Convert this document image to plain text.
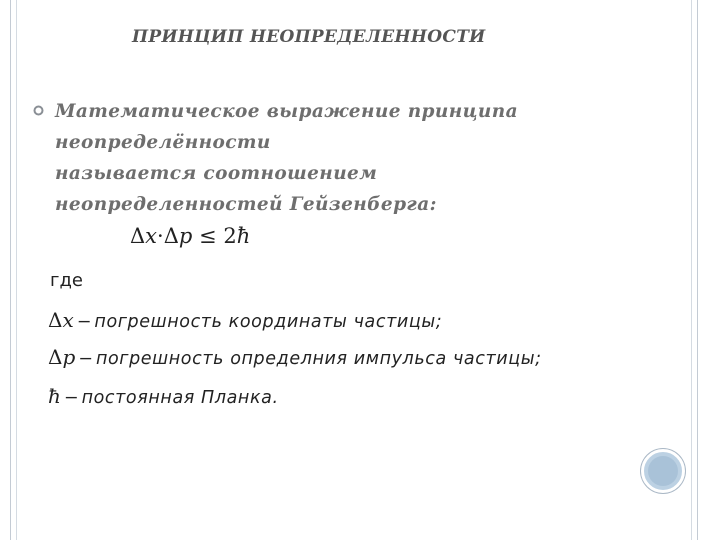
ПРИНЦИП НЕОПРЕДЕЛЕННОСТИ
Математическое выражение принципа
неопределённости
называется соотношением
неопределенностей Гейзенберга:
Δx·Δp ≤ 2ħ
где
Δx − погрешность координаты частицы;
Δp − погрешность определния импульса частицы;
ħ − постоянная Планка.
